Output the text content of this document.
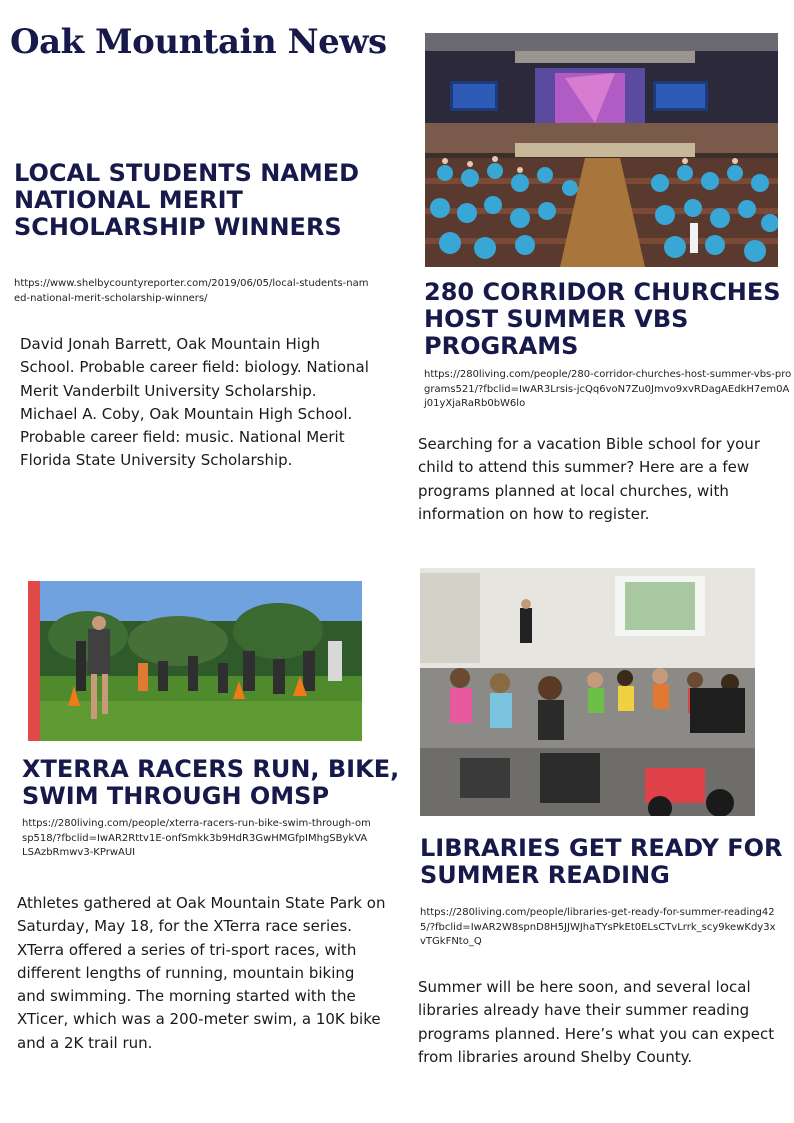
Oak Mountain News
LOCAL STUDENTS NAMED NATIONAL MERIT SCHOLARSHIP WINNERS
https://www.shelbycountyreporter.com/2019/06/05/local-students-named-national-merit-scholarship-winners/
David Jonah Barrett, Oak Mountain High School. Probable career field: biology. National Merit Vanderbilt University Scholarship.
Michael A. Coby, Oak Mountain High School. Probable career field: music. National Merit Florida State University Scholarship.
280 CORRIDOR CHURCHES HOST SUMMER VBS PROGRAMS
https://280living.com/people/280-corridor-churches-host-summer-vbs-programs521/?fbclid=IwAR3Lrsis-jcQq6voN7Zu0Jmvo9xvRDagAEdkH7em0Aj01yXjaRaRb0bW6lo
Searching for a vacation Bible school for your child to attend this summer? Here are a few programs planned at local churches, with information on how to register.
XTERRA RACERS RUN, BIKE, SWIM THROUGH OMSP
https://280living.com/people/xterra-racers-run-bike-swim-through-omsp518/?fbclid=IwAR2Rttv1E-onfSmkk3b9HdR3GwHMGfpIMhgSBykVALSAzbRmwv3-KPrwAUI
Athletes gathered at Oak Mountain State Park on Saturday, May 18, for the XTerra race series.
XTerra offered a series of tri-sport races, with different lengths of running, mountain biking and swimming. The morning started with the XTicer, which was a 200-meter swim, a 10K bike and a 2K trail run.
LIBRARIES GET READY FOR SUMMER READING
https://280living.com/people/libraries-get-ready-for-summer-reading425/?fbclid=IwAR2W8spnD8H5JJWJhaTYsPkEt0ELsCTvLrrk_scy9kewKdy3xvTGkFNto_Q
Summer will be here soon, and several local libraries already have their summer reading programs planned. Here’s what you can expect from libraries around Shelby County.
